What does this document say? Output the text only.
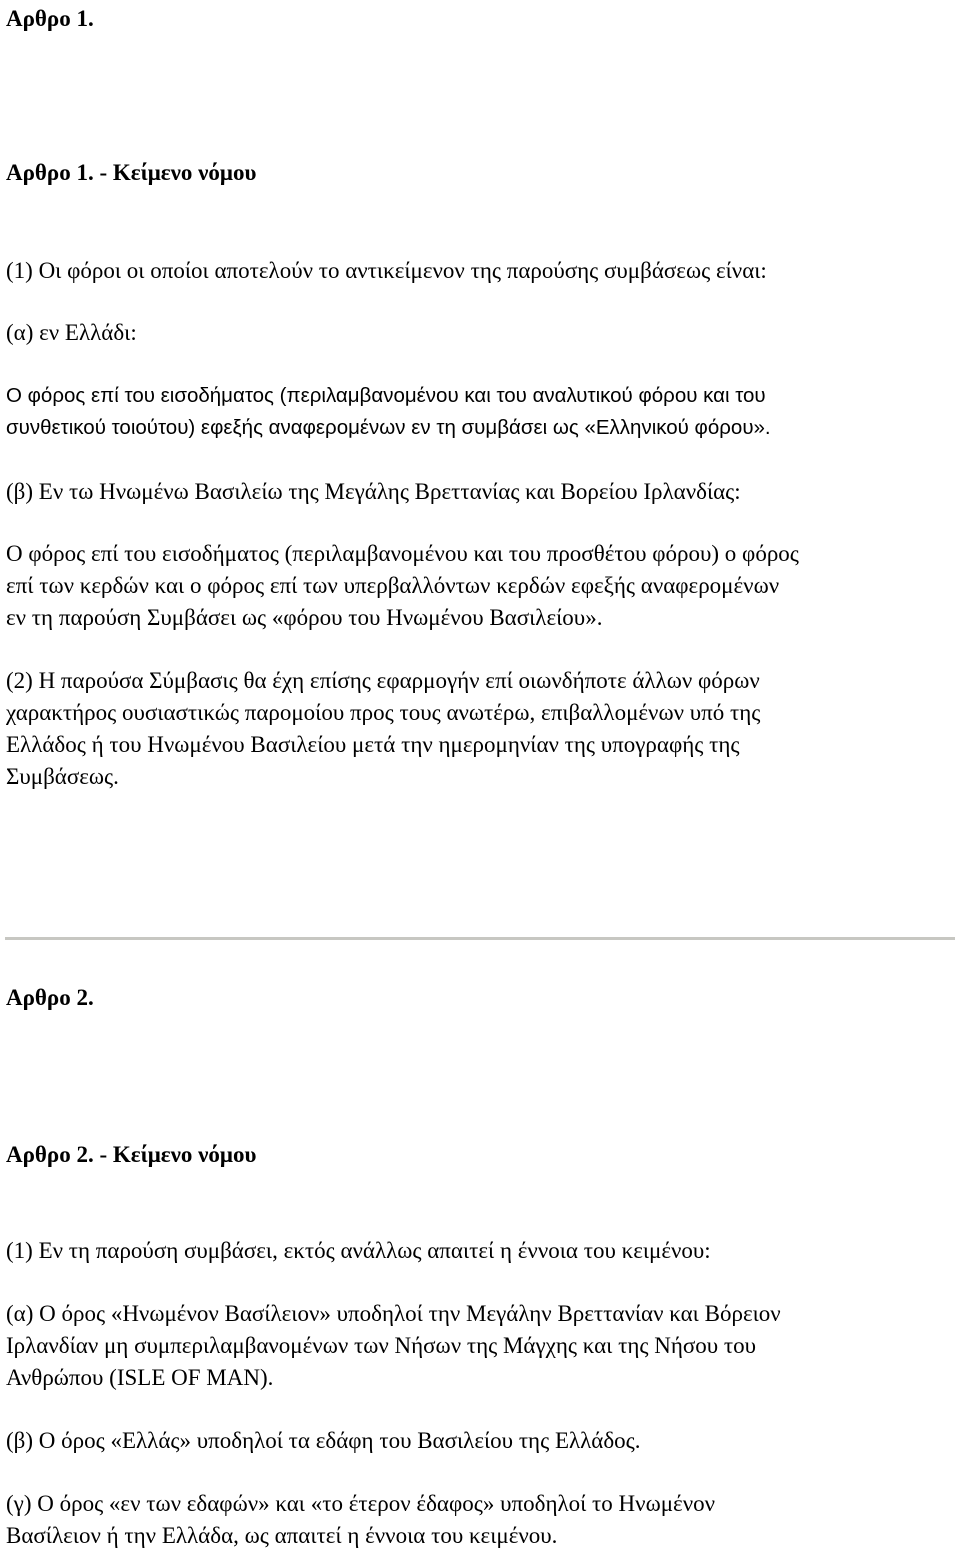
Αρθρο 1.
Αρθρο 1. - Κείμενο νόμου

(1) Οι φόροι οι οποίοι αποτελούν το αντικείμενον της παρούσης συμβάσεως είναι:

(α) εν Ελλάδι:

Ο φόρος επί του εισοδήματος (περιλαμβανομένου και του αναλυτικού φόρου και του
συνθετικού τοιούτου) εφεξής αναφερομένων εν τη συμβάσει ως «Ελληνικού φόρου».

(β) Εν τω Ηνωμένω Βασιλείω της Μεγάλης Βρεττανίας και Βορείου Ιρλανδίας:

Ο φόρος επί του εισοδήματος (περιλαμβανομένου και του προσθέτου φόρου) ο φόρος
επί των κερδών και ο φόρος επί των υπερβαλλόντων κερδών εφεξής αναφερομένων
εν τη παρούση Συμβάσει ως «φόρου του Ηνωμένου Βασιλείου».
(2) Η παρούσα Σύμβασις θα έχη επίσης εφαρμογήν επί οιωνδήποτε άλλων φόρων
χαρακτήρος ουσιαστικώς παρομοίου προς τους ανωτέρω, επιβαλλομένων υπό της
Ελλάδος ή του Ηνωμένου Βασιλείου μετά την ημερομηνίαν της υπογραφής της
Συμβάσεως.
Αρθρο 2.
Αρθρο 2. - Κείμενο νόμου

(1) Εν τη παρούση συμβάσει, εκτός ανάλλως απαιτεί η έννοια του κειμένου:

(α) Ο όρος «Ηνωμένον Βασίλειον» υποδηλοί την Μεγάλην Βρεττανίαν και Βόρειον
Ιρλανδίαν μη συμπεριλαμβανομένων των Νήσων της Μάγχης και της Νήσου του
Ανθρώπου (ISLE OF MAN).

(β) Ο όρος «Ελλάς» υποδηλοί τα εδάφη του Βασιλείου της Ελλάδος.

(γ) Ο όρος «εν των εδαφών» και «το έτερον έδαφος» υποδηλοί το Ηνωμένον
Βασίλειον ή την Ελλάδα, ως απαιτεί η έννοια του κειμένου.
